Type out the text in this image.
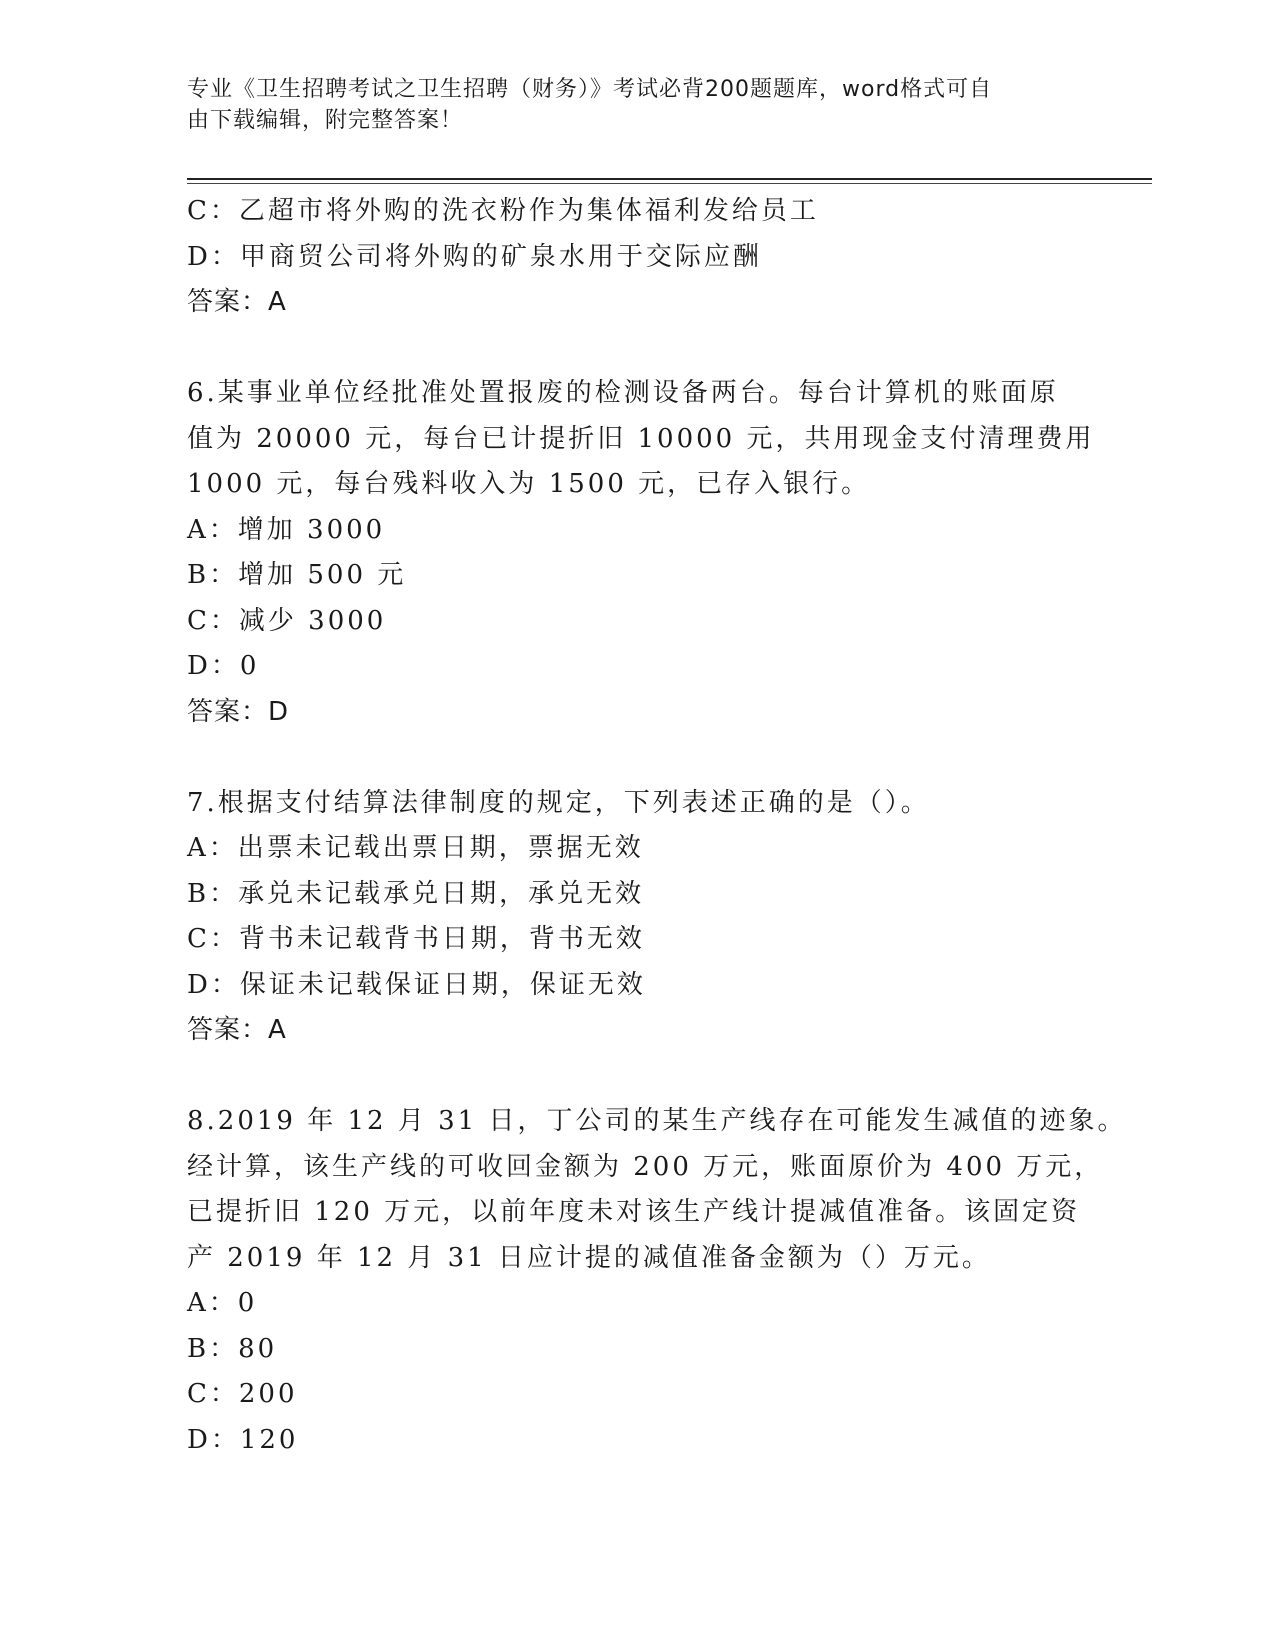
专业《卫生招聘考试之卫生招聘（财务）》考试必背200题题库，word格式可自
由下载编辑，附完整答案！
C：乙超市将外购的洗衣粉作为集体福利发给员工
D：甲商贸公司将外购的矿泉水用于交际应酬
答案：A
6.某事业单位经批准处置报废的检测设备两台。每台计算机的账面原
值为 20000 元，每台已计提折旧 10000 元，共用现金支付清理费用
1000 元，每台残料收入为 1500 元，已存入银行。
A：增加 3000
B：增加 500 元
C：减少 3000
D：0
答案：D
7.根据支付结算法律制度的规定，下列表述正确的是（）。
A：出票未记载出票日期，票据无效
B：承兑未记载承兑日期，承兑无效
C：背书未记载背书日期，背书无效
D：保证未记载保证日期，保证无效
答案：A
8.2019 年 12 月 31 日，丁公司的某生产线存在可能发生减值的迹象。
经计算，该生产线的可收回金额为 200 万元，账面原价为 400 万元，
已提折旧 120 万元，以前年度未对该生产线计提减值准备。该固定资
产 2019 年 12 月 31 日应计提的减值准备金额为（）万元。
A：0
B：80
C：200
D：120
